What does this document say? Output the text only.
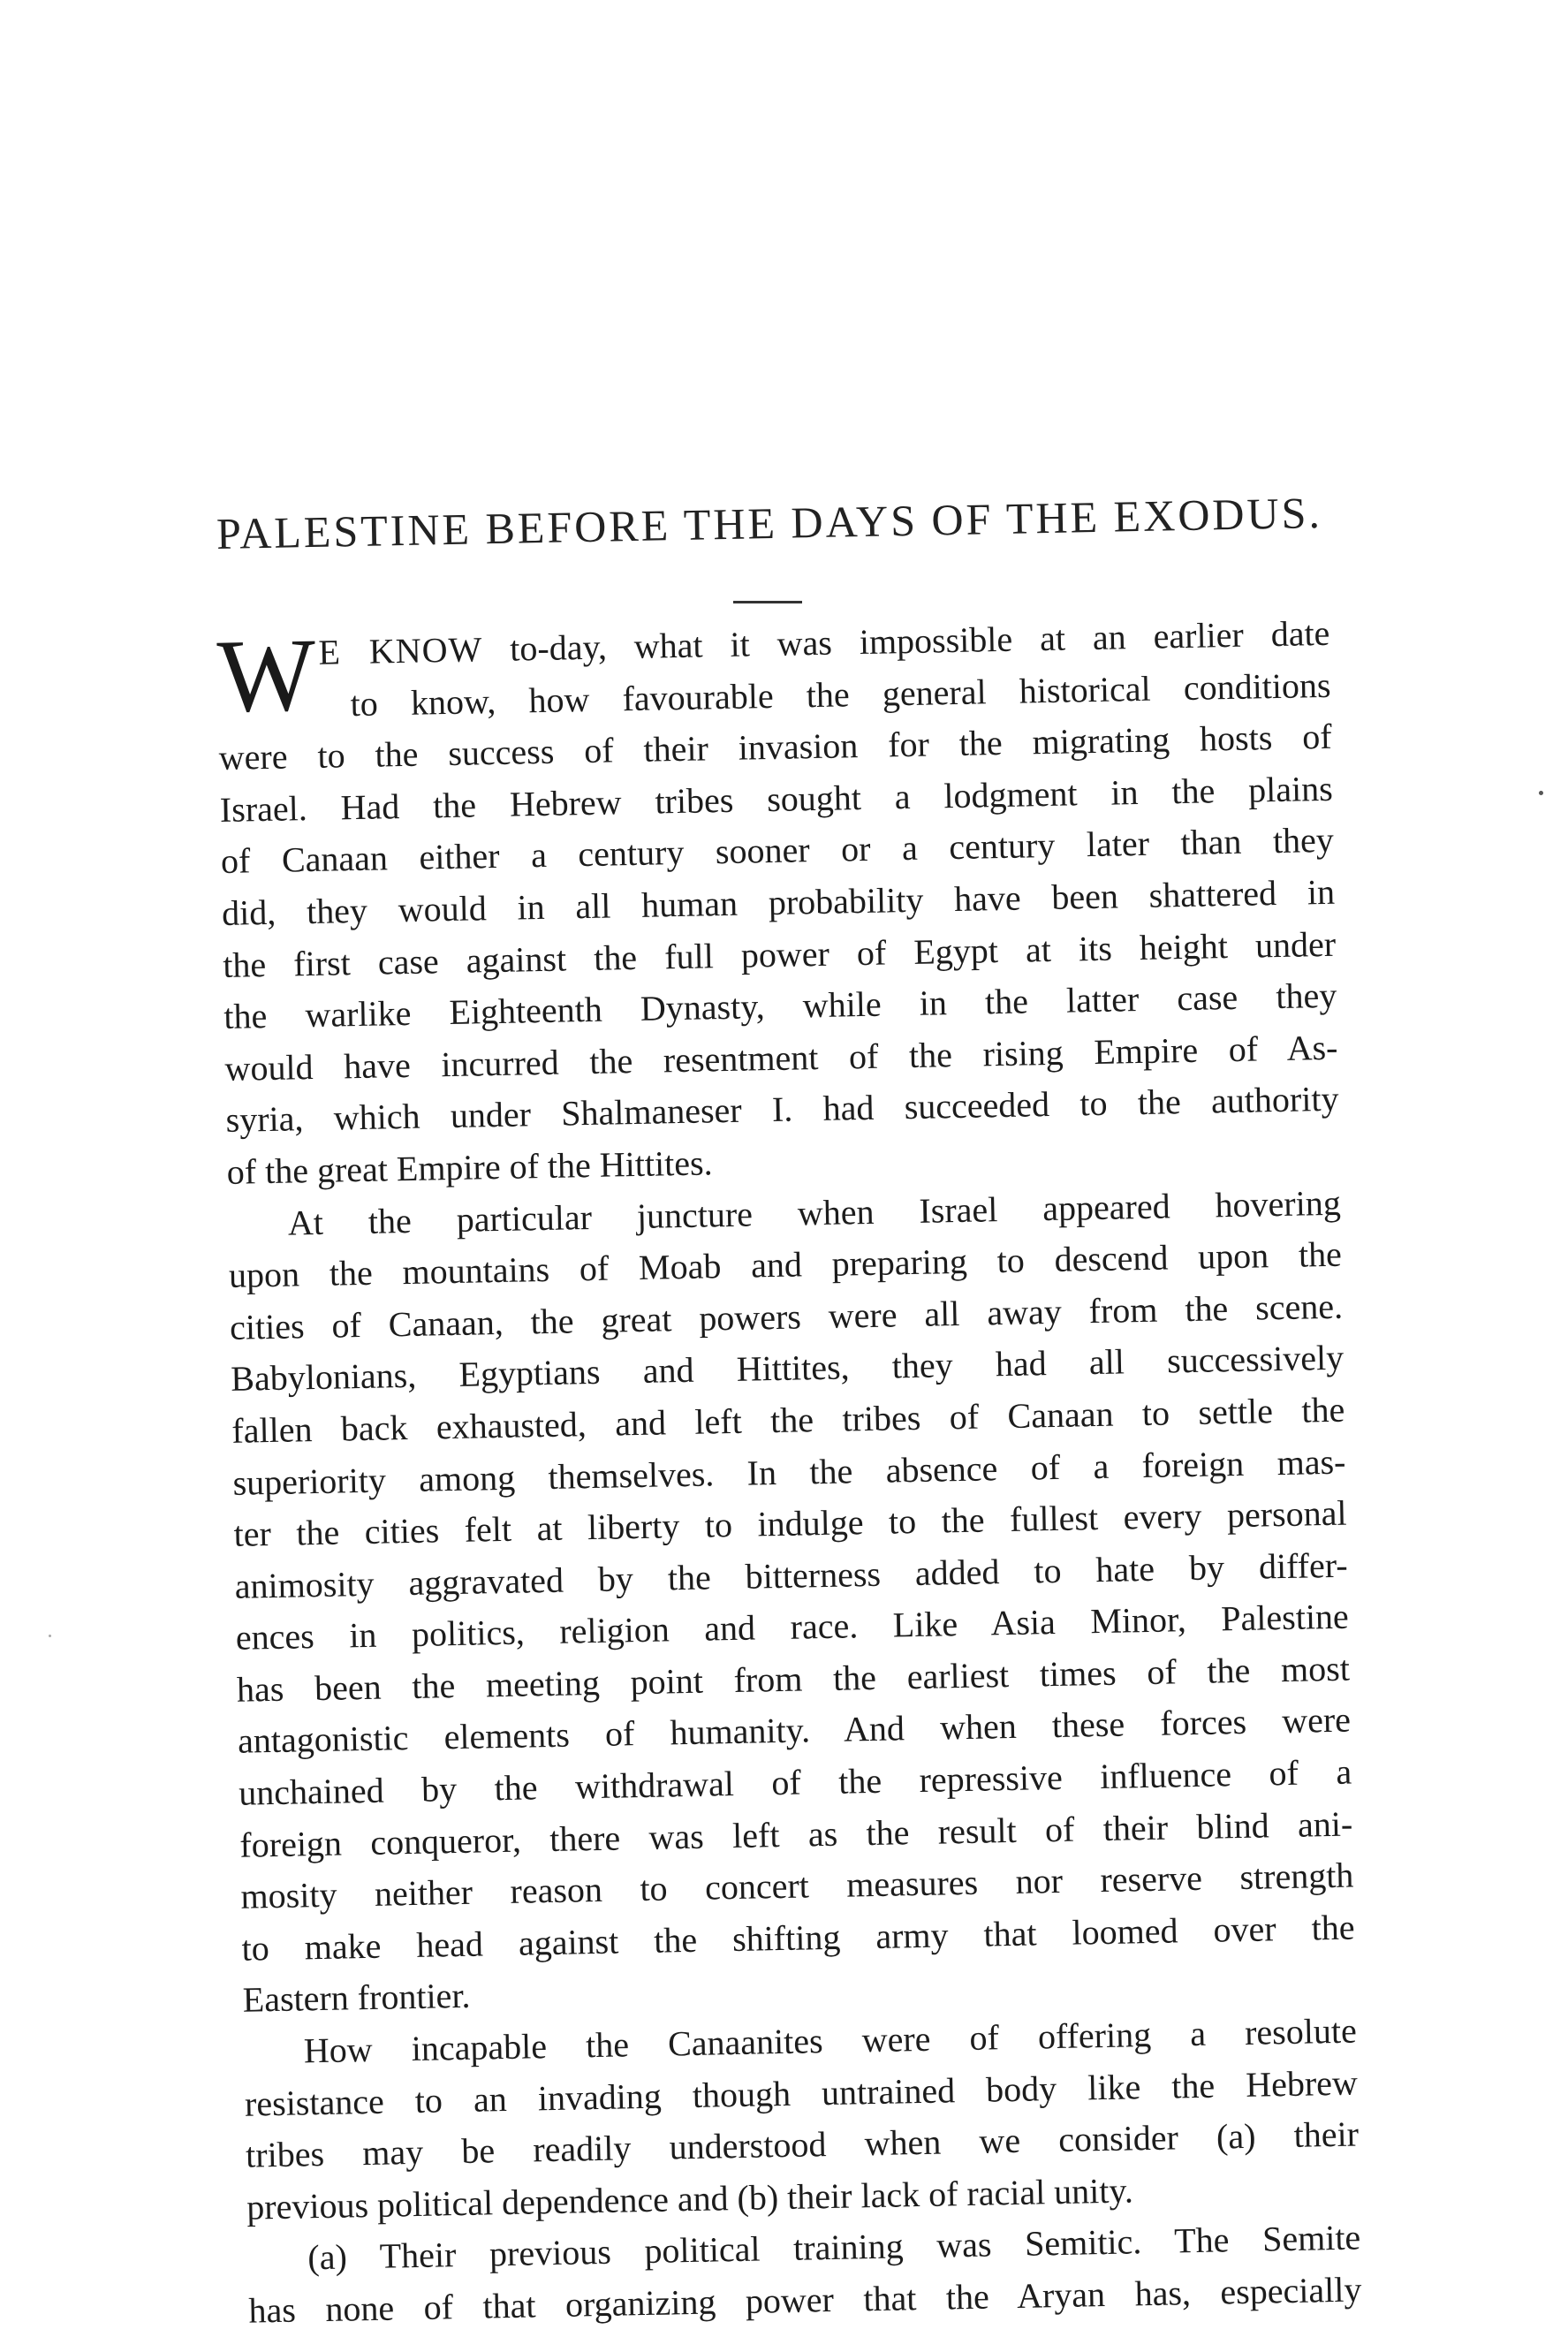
PALESTINE BEFORE THE DAYS OF THE EXODUS.
W E KNOW to-day, what it was impossible at an earlier date
to know, how favourable the general historical conditions
were to the success of their invasion for the migrating hosts of
Israel. Had the Hebrew tribes sought a lodgment in the plains
of Canaan either a century sooner or a century later than they
did, they would in all human probability have been shattered in
the first case against the full power of Egypt at its height under
the warlike Eighteenth Dynasty, while in the latter case they
would have incurred the resentment of the rising Empire of As-
syria, which under Shalmaneser I. had succeeded to the authority
of the great Empire of the Hittites.
At the particular juncture when Israel appeared hovering
upon the mountains of Moab and preparing to descend upon the
cities of Canaan, the great powers were all away from the scene.
Babylonians, Egyptians and Hittites, they had all successively
fallen back exhausted, and left the tribes of Canaan to settle the
superiority among themselves. In the absence of a foreign mas-
ter the cities felt at liberty to indulge to the fullest every personal
animosity aggravated by the bitterness added to hate by differ-
ences in politics, religion and race. Like Asia Minor, Palestine
has been the meeting point from the earliest times of the most
antagonistic elements of humanity. And when these forces were
unchained by the withdrawal of the repressive influence of a
foreign conqueror, there was left as the result of their blind ani-
mosity neither reason to concert measures nor reserve strength
to make head against the shifting army that loomed over the
Eastern frontier.
How incapable the Canaanites were of offering a resolute
resistance to an invading though untrained body like the Hebrew
tribes may be readily understood when we consider (a) their
previous political dependence and (b) their lack of racial unity.
(a) Their previous political training was Semitic. The Semite
has none of that organizing power that the Aryan has, especially
